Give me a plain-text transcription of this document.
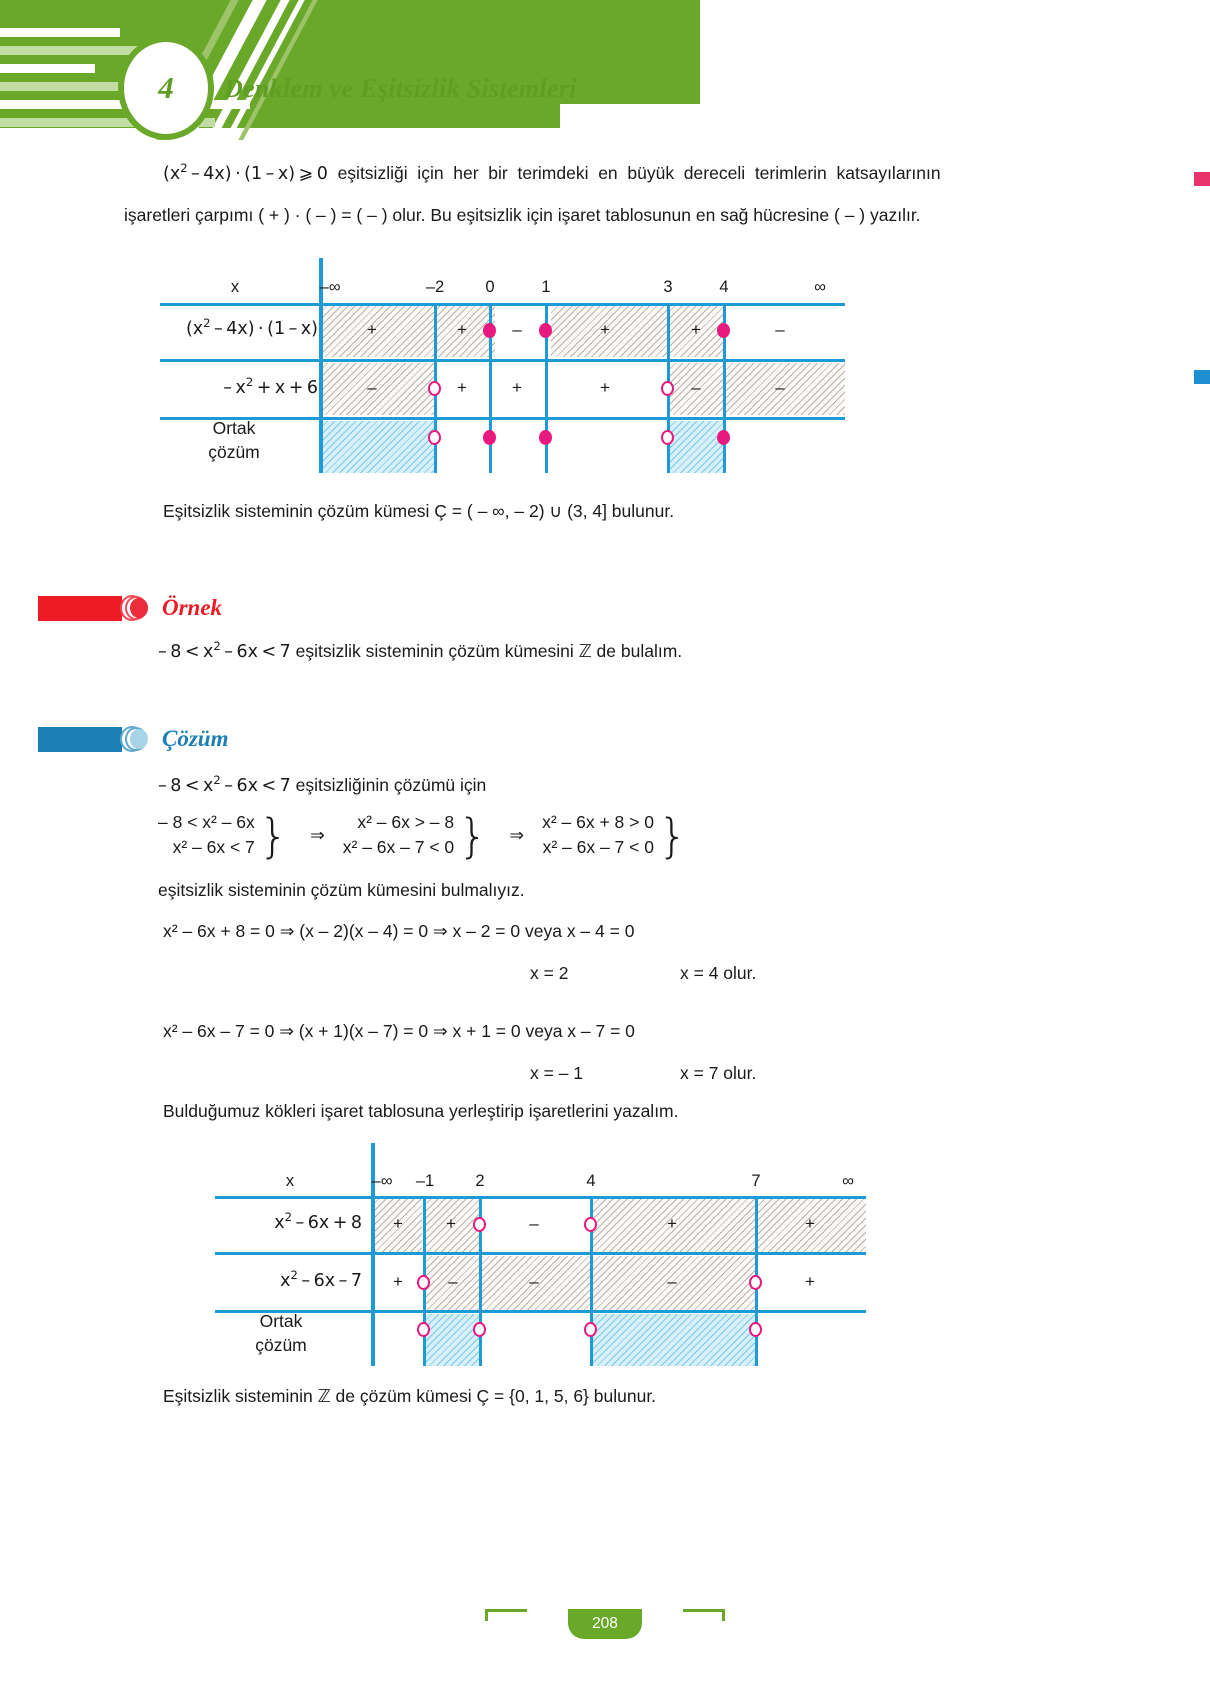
4	Denklem ve Eşitsizlik Sistemleri
$(x^2 - 4x) \cdot (1 - x)$ ⩾ 0  eşitsizliği  için  her  bir  terimdeki  en  büyük  dereceli  terimlerin  katsayılarının
işaretleri çarpımı ( + ) · ( – ) = ( – ) olur. Bu eşitsizlik için işaret tablosunun en sağ hücresine ( – ) yazılır.
x	–∞	–2	0	1	3	4	∞
$(x^2 - 4x) \cdot (1 - x)$	+	+	–	+	+	–
– $x^2 + x + 6$	–	+	+	+	–	–
Ortak
çözüm
Eşitsizlik sisteminin çözüm kümesi Ç = ( – ∞, – 2) ∪ (3, 4] bulunur.
Örnek
– $8 < x^2 - 6x < 7$ eşitsizlik sisteminin çözüm kümesini ℤ de bulalım.
Çözüm
– $8 < x^2 - 6x < 7$ eşitsizliğinin çözümü için
– 8 < x² – 6x	}	⇒	x² – 6x > – 8	}	⇒	x² – 6x + 8 > 0	}
x² – 6x < 7			x² – 6x – 7 < 0			x² – 6x – 7 < 0	
eşitsizlik sisteminin çözüm kümesini bulmalıyız.
x² – 6x + 8 = 0 ⇒ (x – 2)(x – 4) = 0 ⇒ x – 2 = 0 veya x – 4 = 0
x = 2	x = 4 olur.
x² – 6x – 7 = 0 ⇒ (x + 1)(x – 7) = 0 ⇒ x + 1 = 0 veya x – 7 = 0
x = – 1	x = 7 olur.
Bulduğumuz kökleri işaret tablosuna yerleştirip işaretlerini yazalım.
x	–∞	–1	2	4	7	∞
$x^2 - 6x + 8$	+	+	–	+	+
$x^2 - 6x - 7$	+	–	–	–	+
Ortak
çözüm
Eşitsizlik sisteminin ℤ de çözüm kümesi Ç = {0, 1, 5, 6} bulunur.
208
